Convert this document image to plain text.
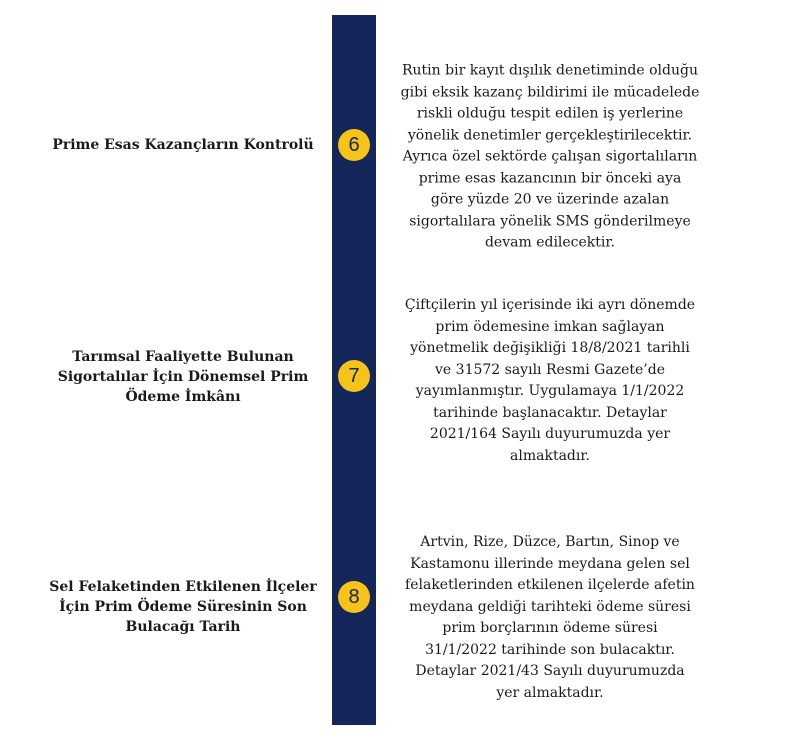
Prime Esas Kazançların Kontrolü	6
Rutin bir kayıt dışılık denetiminde olduğu
gibi eksik kazanç bildirimi ile mücadelede
riskli olduğu tespit edilen iş yerlerine
yönelik denetimler gerçekleştirilecektir.
Ayrıca özel sektörde çalışan sigortalıların
prime esas kazancının bir önceki aya
göre yüzde 20 ve üzerinde azalan
sigortalılara yönelik SMS gönderilmeye
devam edilecektir.
Tarımsal Faaliyette Bulunan
Sigortalılar İçin Dönemsel Prim
Ödeme İmkânı
7
Çiftçilerin yıl içerisinde iki ayrı dönemde
prim ödemesine imkan sağlayan
yönetmelik değişikliği 18/8/2021 tarihli
ve 31572 sayılı Resmi Gazete’de
yayımlanmıştır. Uygulamaya 1/1/2022
tarihinde başlanacaktır. Detaylar
2021/164 Sayılı duyurumuzda yer
almaktadır.
Sel Felaketinden Etkilenen İlçeler
İçin Prim Ödeme Süresinin Son
Bulacağı Tarih
8
Artvin, Rize, Düzce, Bartın, Sinop ve
Kastamonu illerinde meydana gelen sel
felaketlerinden etkilenen ilçelerde afetin
meydana geldiği tarihteki ödeme süresi
prim borçlarının ödeme süresi
31/1/2022 tarihinde son bulacaktır.
Detaylar 2021/43 Sayılı duyurumuzda
yer almaktadır.
